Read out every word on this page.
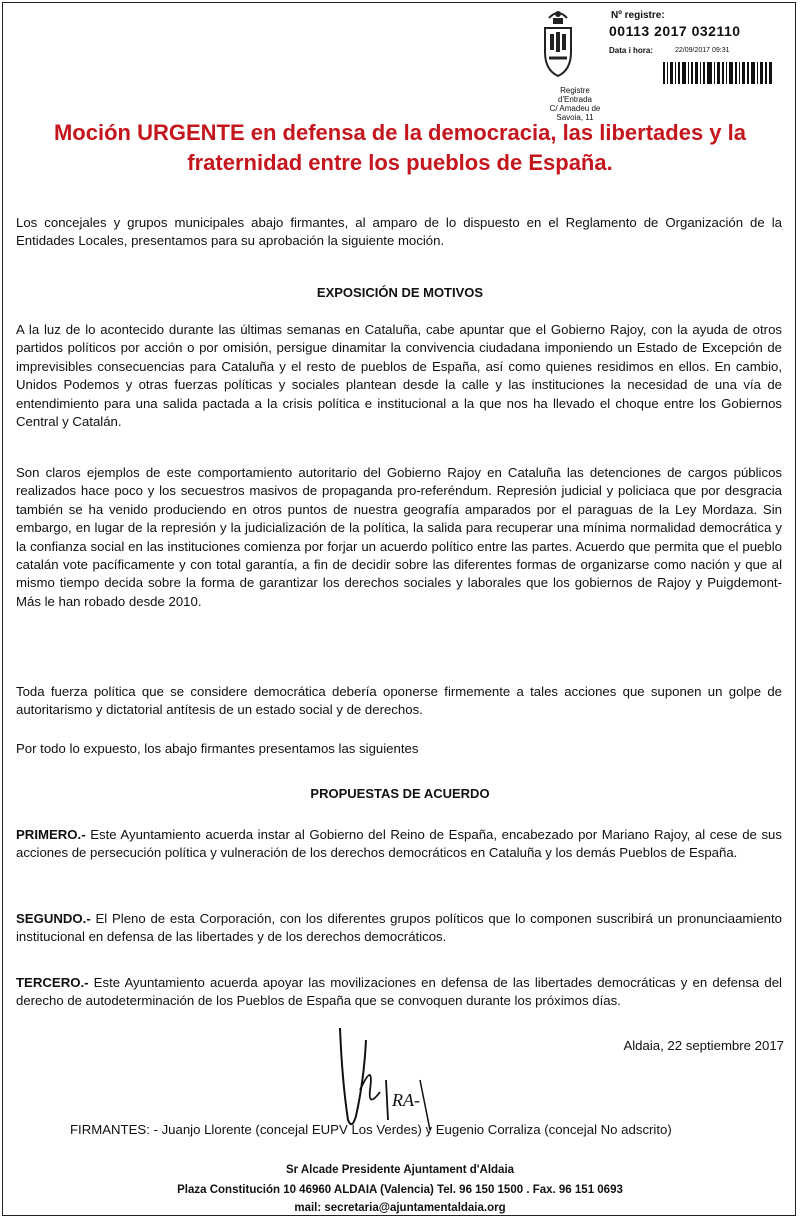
Nº registre:
00113 2017 032110
Data i hora:	22/09/2017 09:31
Registre d'Entrada
C/ Amadeu de Savoia, 11
Moción URGENTE en defensa de la democracia, las libertades y la fraternidad entre los pueblos de España.
Los concejales y grupos municipales abajo firmantes, al amparo de lo dispuesto en el Reglamento de Organización de la Entidades Locales, presentamos para su aprobación la siguiente moción.
EXPOSICIÓN DE MOTIVOS
A la luz de lo acontecido durante las últimas semanas en Cataluña, cabe apuntar que el Gobierno Rajoy, con la ayuda de otros partidos políticos por acción o por omisión, persigue dinamitar la convivencia ciudadana imponiendo un Estado de Excepción de imprevisibles consecuencias para Cataluña y el resto de pueblos de España, así como quienes residimos en ellos. En cambio, Unidos Podemos y otras fuerzas políticas y sociales plantean desde la calle y las instituciones la necesidad de una vía de entendimiento para una salida pactada a la crisis política e institucional a la que nos ha llevado el choque entre los Gobiernos Central y Catalán.
Son claros ejemplos de este comportamiento autoritario del Gobierno Rajoy en Cataluña las detenciones de cargos públicos realizados hace poco y los secuestros masivos de propaganda pro-referéndum. Represión judicial y policiaca que por desgracia también se ha venido produciendo en otros puntos de nuestra geografía amparados por el paraguas de la Ley Mordaza. Sin embargo, en lugar de la represión y la judicialización de la política, la salida para recuperar una mínima normalidad democrática y la confianza social en las instituciones comienza por forjar un acuerdo político entre las partes. Acuerdo que permita que el pueblo catalán vote pacíficamente y con total garantía, a fin de decidir sobre las diferentes formas de organizarse como nación y que al mismo tiempo decida sobre la forma de garantizar los derechos sociales y laborales que los gobiernos de Rajoy y Puigdemont-Más le han robado desde 2010.
Toda fuerza política que se considere democrática debería oponerse firmemente a tales acciones que suponen un golpe de autoritarismo y dictatorial antítesis de un estado social y de derechos.
Por todo lo expuesto, los abajo firmantes presentamos las siguientes
PROPUESTAS DE ACUERDO
PRIMERO.- Este Ayuntamiento acuerda instar al Gobierno del Reino de España, encabezado por Mariano Rajoy, al cese de sus acciones de persecución política y vulneración de los derechos democráticos en Cataluña y los demás Pueblos de España.
SEGUNDO.- El Pleno de esta Corporación, con los diferentes grupos políticos que lo componen suscribirá un pronunciaamiento institucional en defensa de las libertades y de los derechos democráticos.
TERCERO.- Este Ayuntamiento acuerda apoyar las movilizaciones en defensa de las libertades democráticas y en defensa del derecho de autodeterminación de los Pueblos de España que se convoquen durante los próximos días.
Aldaia, 22 septiembre 2017
RA-
FIRMANTES: - Juanjo Llorente (concejal EUPV Los Verdes) y Eugenio Corraliza (concejal No adscrito)
Sr Alcade Presidente Ajuntament d'Aldaia
Plaza Constitución 10 46960 ALDAIA (Valencia) Tel. 96 150 1500 . Fax. 96 151 0693
mail: secretaria@ajuntamentaldaia.org
